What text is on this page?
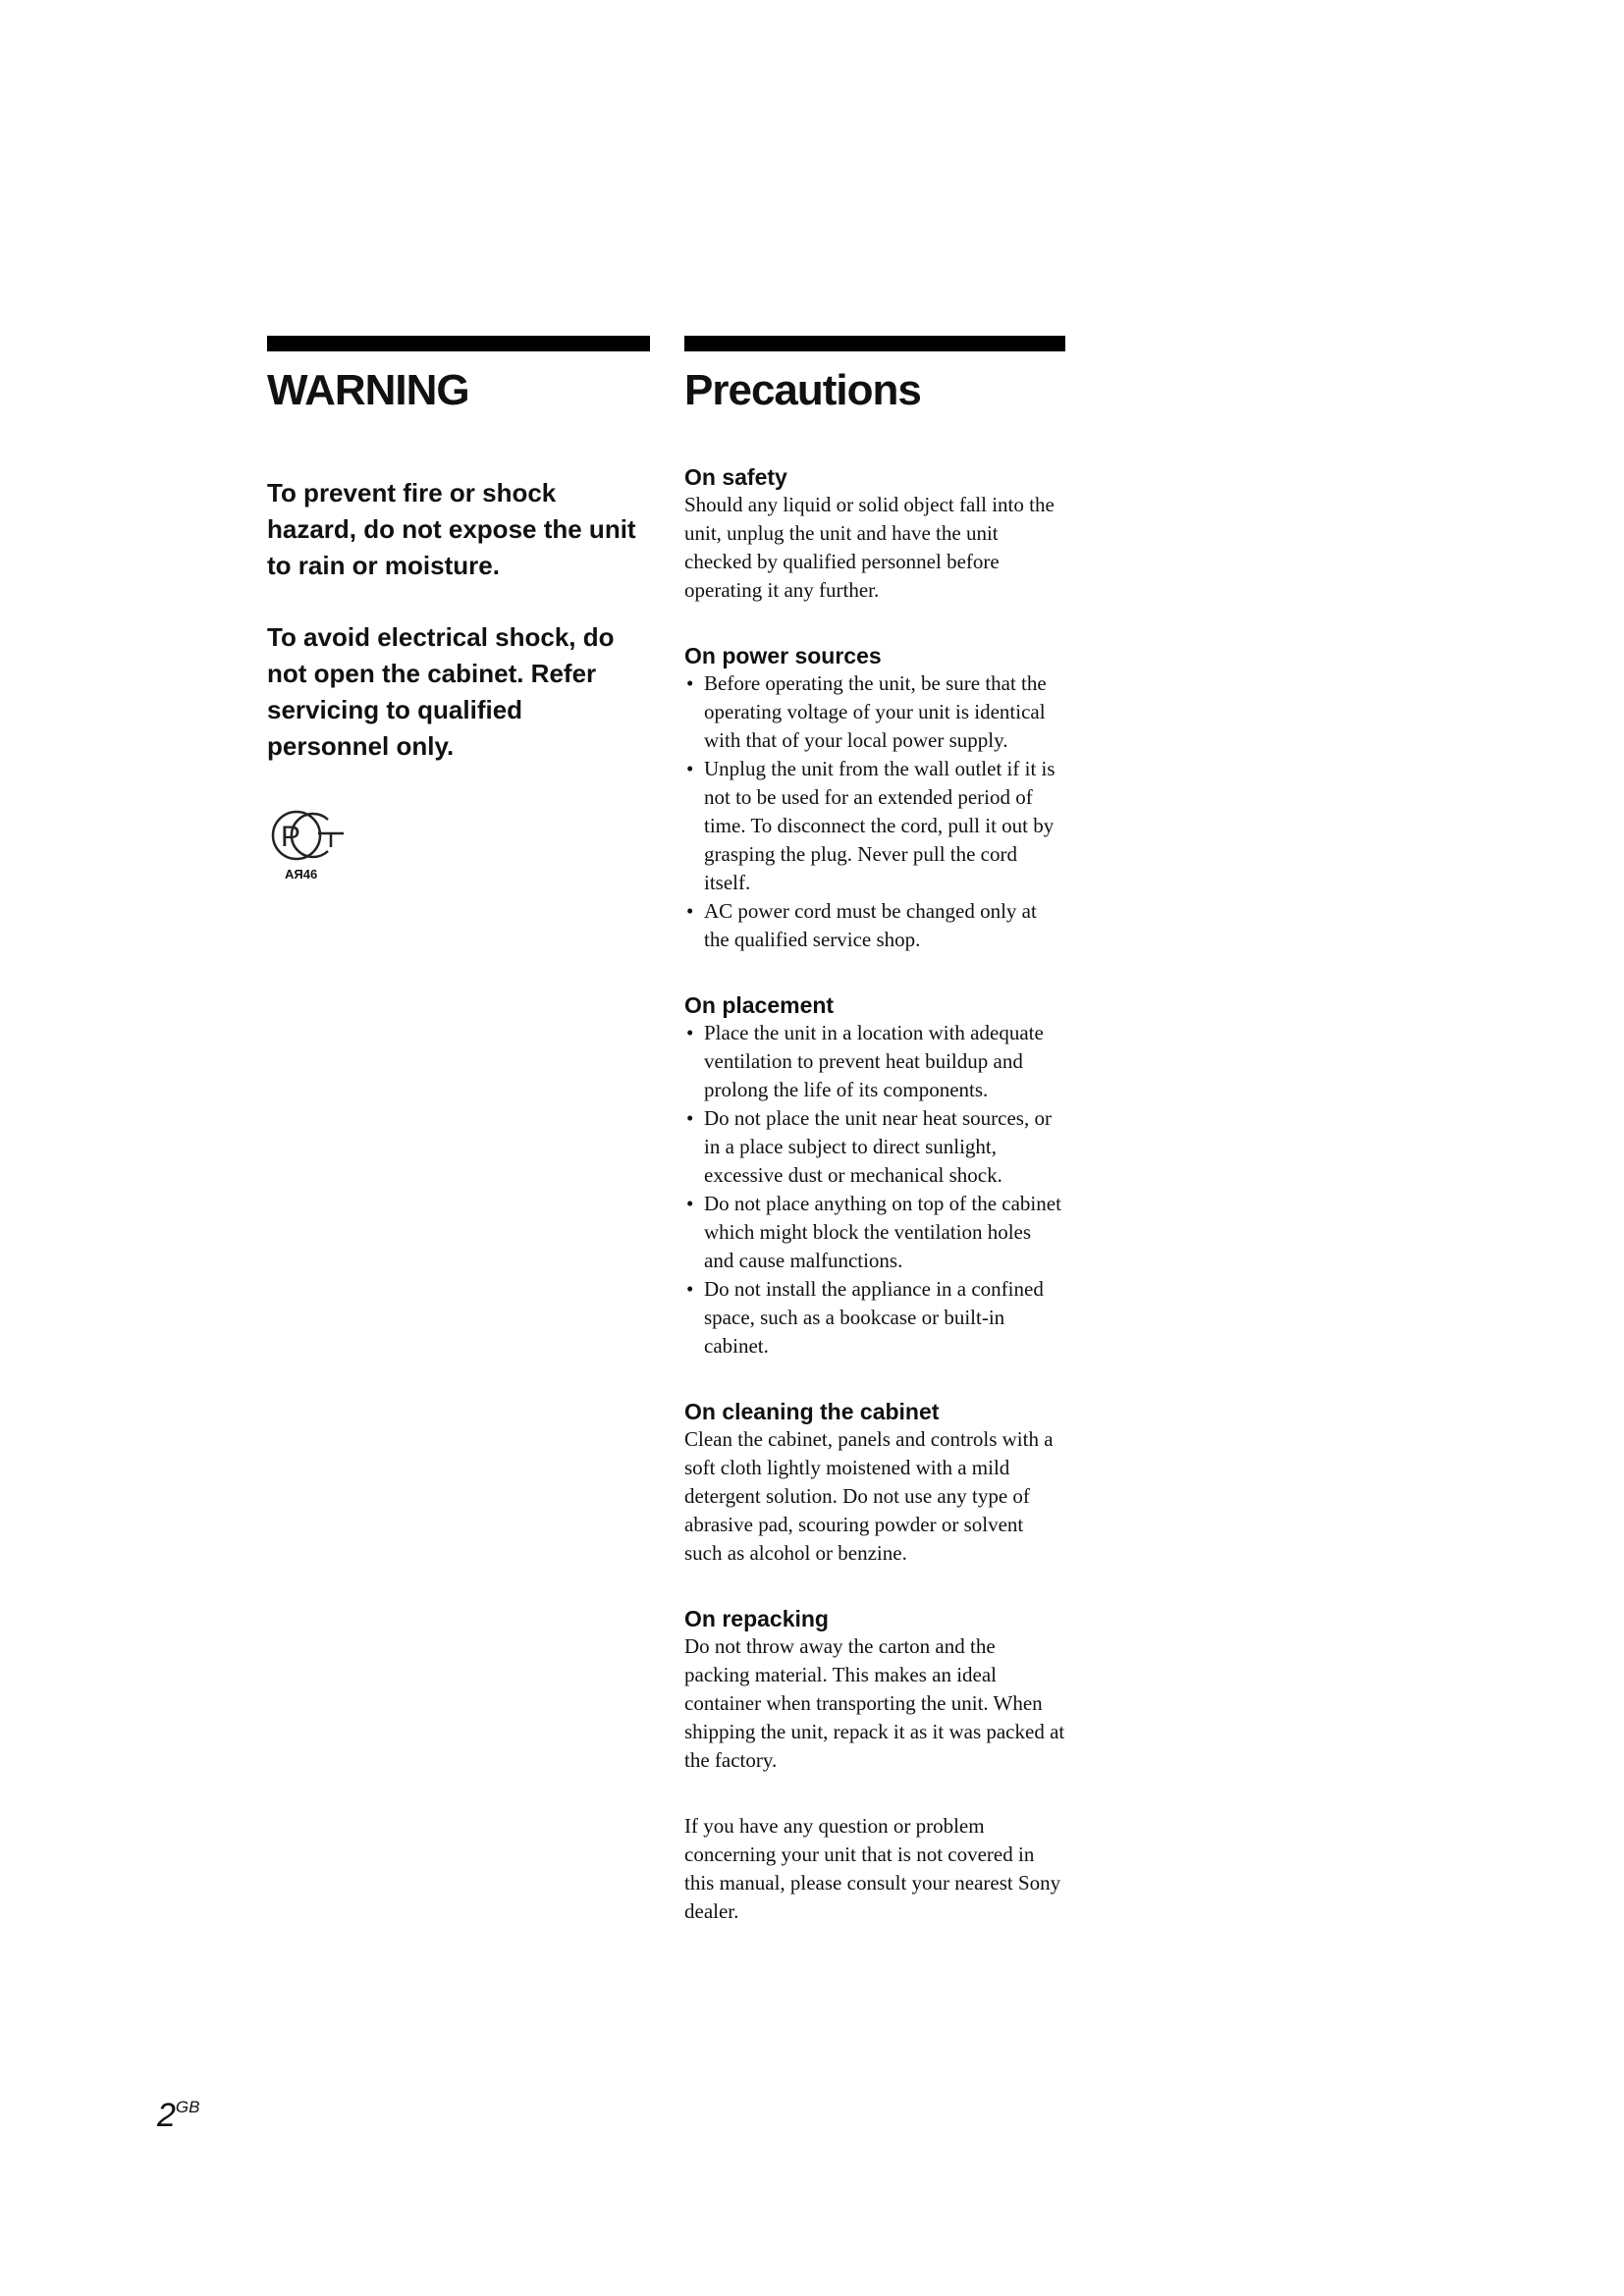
WARNING

To prevent fire or shock hazard, do not expose the unit to rain or moisture.

To avoid electrical shock, do not open the cabinet. Refer servicing to qualified personnel only.

P
AЯ46
Precautions
On safety

Should any liquid or solid object fall into the unit, unplug the unit and have the unit checked by qualified personnel before operating it any further.

On power sources
• Before operating the unit, be sure that the operating voltage of your unit is identical with that of your local power supply.
• Unplug the unit from the wall outlet if it is not to be used for an extended period of time. To disconnect the cord, pull it out by grasping the plug. Never pull the cord itself.
• AC power cord must be changed only at the qualified service shop.
On placement
• Place the unit in a location with adequate ventilation to prevent heat buildup and prolong the life of its components.
• Do not place the unit near heat sources, or in a place subject to direct sunlight, excessive dust or mechanical shock.
• Do not place anything on top of the cabinet which might block the ventilation holes and cause malfunctions.
• Do not install the appliance in a confined space, such as a bookcase or built-in cabinet.
On cleaning the cabinet

Clean the cabinet, panels and controls with a soft cloth lightly moistened with a mild detergent solution. Do not use any type of abrasive pad, scouring powder or solvent such as alcohol or benzine.

On repacking

Do not throw away the carton and the packing material. This makes an ideal container when transporting the unit. When shipping the unit, repack it as it was packed at the factory.

If you have any question or problem concerning your unit that is not covered in this manual, please consult your nearest Sony dealer.

$2^{GB}$
